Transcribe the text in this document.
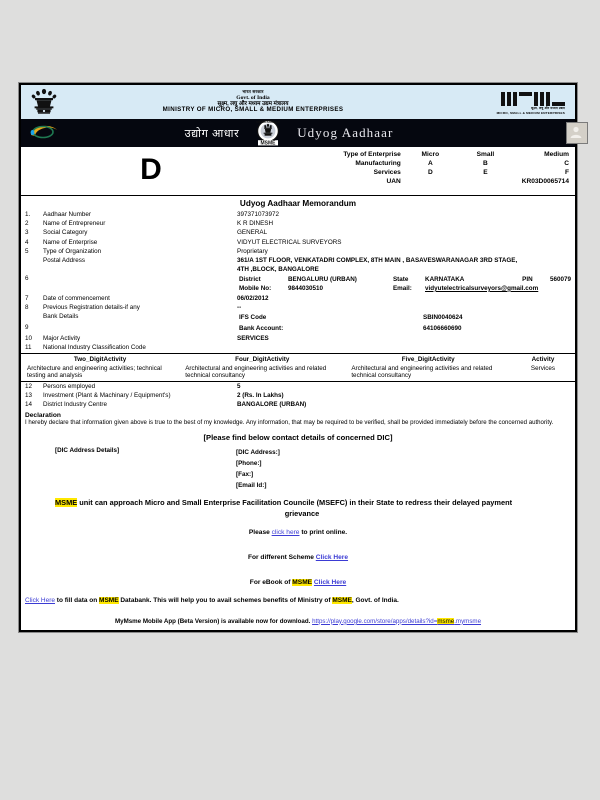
भारत सरकार
Govt. of India
सूक्ष्म, लघु और मध्यम उद्यम मंत्रालय
MINISTRY OF MICRO, SMALL & MEDIUM ENTERPRISES	सूक्ष्म, लघु और मध्यम उद्यम
MICRO, SMALL & MEDIUM ENTERPRISES
उद्योग आधार
UDYOG AADHAAR
MSME
Udyog Aadhaar

D	Type of Enterprise	Micro	Small	Medium
Manufacturing	A	B	C
Services	D	E	F
UAN			KR03D0065714
Udyog Aadhaar Memorandum
1.	Aadhaar Number	397371073972
2	Name of Entrepreneur	K R DINESH
3	Social Category	GENERAL
4	Name of Enterprise	VIDYUT ELECTRICAL SURVEYORS
5	Type of Organization	Proprietary
	Postal Address	361/A 1ST FLOOR, VENKATADRI COMPLEX, 8TH MAIN , BASAVESWARANAGAR 3RD STAGE,
		4TH ,BLOCK, BANGALORE
6			District	BENGALURU (URBAN)	State	KARNATAKA	PIN	560079
Mobile No:	9844030510	Email:	vidyutelectricalsurveyors@gmail.com

7	Date of commencement	06/02/2012
8	Previous Registration details-if any	--
	Bank Details		IFS Code	SBIN0040624

9			Bank Account:	64106660690

10	Major Activity	SERVICES
11	National Industry Classification Code
Two_DigitActivity	Four_DigitActivity	Five_DigitActivity	Activity
Architecture and engineering activities; technical testing and analysis	Architectural and engineering activities and related technical consultancy	Architectural and engineering activities and related technical consultancy	Services
12	Persons employed	5
13	Investment (Plant & Machinary / Equipment's)	2 (Rs. In Lakhs)
14	District Industry Centre	BANGALORE (URBAN)
Declaration
I hereby declare that information given above is true to the best of my knowledge. Any information, that may be required to be verified, shall be provided immediately before the concerned authority.
[Please find below contact details of concerned DIC]
[DIC Address Details]	[DIC Address:]
[Phone:]
[Fax:]
[Email Id:]
MSME unit can approach Micro and Small Enterprise Facilitation Councile (MSEFC) in their State to redress their delayed payment
grievance
Please click here to print online.
For different Scheme Click Here
For eBook of MSME Click Here
Click Here to fill data on MSME Databank. This will help you to avail schemes benefits of Ministry of MSME, Govt. of India.
MyMsme Mobile App (Beta Version) is available now for download. https://play.google.com/store/apps/details?id=msme.mymsme
